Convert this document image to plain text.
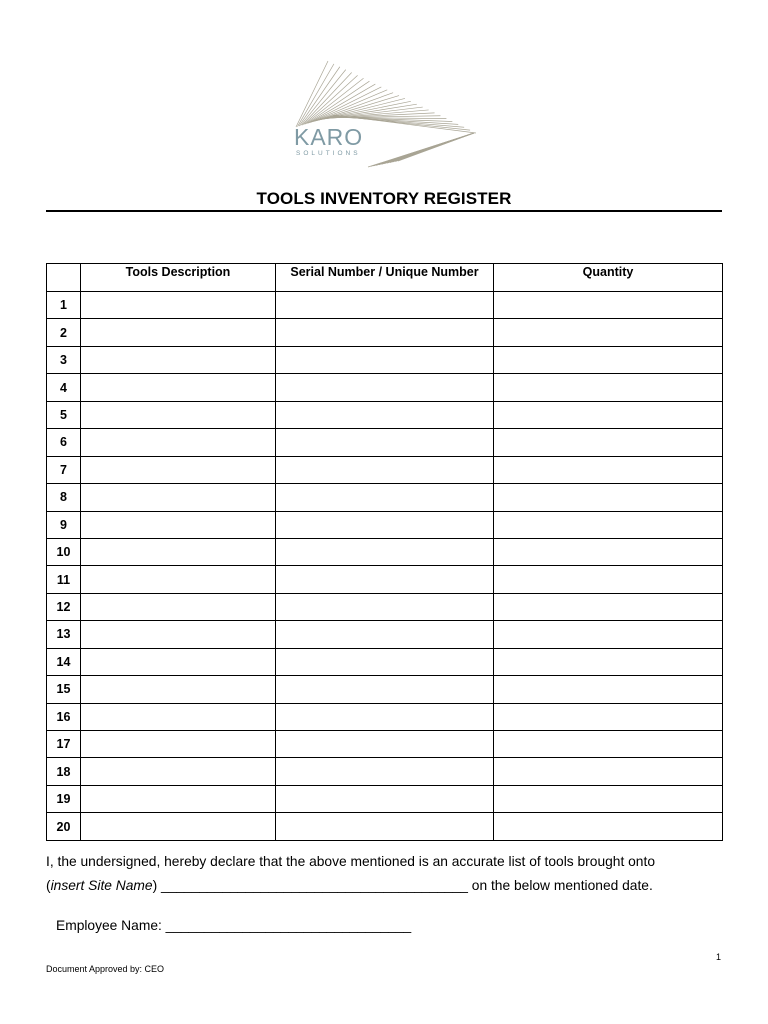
KARO
SOLUTIONS
TOOLS INVENTORY REGISTER
	Tools Description	Serial Number / Unique Number	Quantity
1			
2			
3			
4			
5			
6			
7			
8			
9			
10			
11			
12			
13			
14			
15			
16			
17			
18			
19			
20			
I, the undersigned, hereby declare that the above mentioned is an accurate list of tools brought onto
(insert Site Name) ________________________________________ on the below mentioned date.
Employee Name: ________________________________
1
Document Approved by: CEO
